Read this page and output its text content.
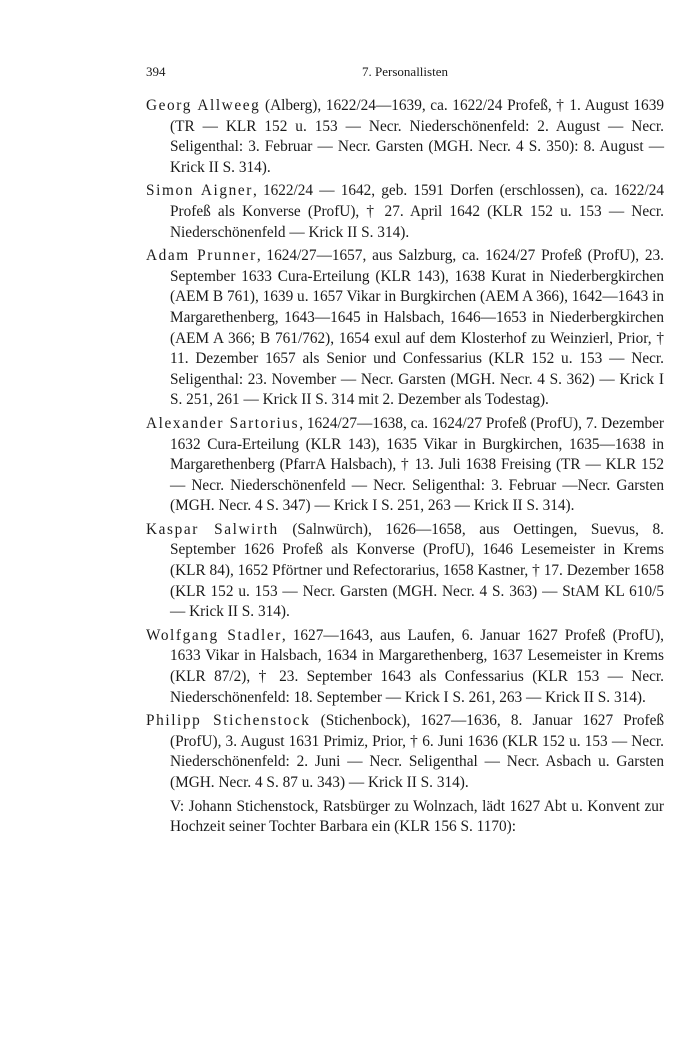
394	7. Personallisten

Georg Allweeg (Alberg), 1622/24—1639, ca. 1622/24 Profeß, † 1. August 1639 (TR — KLR 152 u. 153 — Necr. Niederschönenfeld: 2. August — Necr. Seligenthal: 3. Februar — Necr. Garsten (MGH. Necr. 4 S. 350): 8. August — Krick II S. 314).

Simon Aigner, 1622/24 — 1642, geb. 1591 Dorfen (erschlossen), ca. 1622/24 Profeß als Konverse (ProfU), † 27. April 1642 (KLR 152 u. 153 — Necr. Niederschönenfeld — Krick II S. 314).

Adam Prunner, 1624/27—1657, aus Salzburg, ca. 1624/27 Profeß (ProfU), 23. September 1633 Cura-Erteilung (KLR 143), 1638 Kurat in Niederbergkirchen (AEM B 761), 1639 u. 1657 Vikar in Burgkirchen (AEM A 366), 1642—1643 in Margarethenberg, 1643—1645 in Halsbach, 1646—1653 in Niederbergkirchen (AEM A 366; B 761/762), 1654 exul auf dem Klosterhof zu Weinzierl, Prior, † 11. Dezember 1657 als Senior und Confessarius (KLR 152 u. 153 — Necr. Seligenthal: 23. November — Necr. Garsten (MGH. Necr. 4 S. 362) — Krick I S. 251, 261 — Krick II S. 314 mit 2. Dezember als Todestag).

Alexander Sartorius, 1624/27—1638, ca. 1624/27 Profeß (ProfU), 7. Dezember 1632 Cura-Erteilung (KLR 143), 1635 Vikar in Burgkirchen, 1635—1638 in Margarethenberg (PfarrA Halsbach), † 13. Juli 1638 Freising (TR — KLR 152 — Necr. Niederschönenfeld — Necr. Seligenthal: 3. Februar —Necr. Garsten (MGH. Necr. 4 S. 347) — Krick I S. 251, 263 — Krick II S. 314).

Kaspar Salwirth (Salnwürch), 1626—1658, aus Oettingen, Suevus, 8. September 1626 Profeß als Konverse (ProfU), 1646 Lesemeister in Krems (KLR 84), 1652 Pförtner und Refectorarius, 1658 Kastner, † 17. Dezember 1658 (KLR 152 u. 153 — Necr. Garsten (MGH. Necr. 4 S. 363) — StAM KL 610/5 — Krick II S. 314).

Wolfgang Stadler, 1627—1643, aus Laufen, 6. Januar 1627 Profeß (ProfU), 1633 Vikar in Halsbach, 1634 in Margarethenberg, 1637 Lesemeister in Krems (KLR 87/2), † 23. September 1643 als Confessarius (KLR 153 — Necr. Niederschönenfeld: 18. September — Krick I S. 261, 263 — Krick II S. 314).

Philipp Stichenstock (Stichenbock), 1627—1636, 8. Januar 1627 Profeß (ProfU), 3. August 1631 Primiz, Prior, † 6. Juni 1636 (KLR 152 u. 153 — Necr. Niederschönenfeld: 2. Juni — Necr. Seligenthal — Necr. Asbach u. Garsten (MGH. Necr. 4 S. 87 u. 343) — Krick II S. 314).

V: Johann Stichenstock, Ratsbürger zu Wolnzach, lädt 1627 Abt u. Konvent zur Hochzeit seiner Tochter Barbara ein (KLR 156 S. 1170):
